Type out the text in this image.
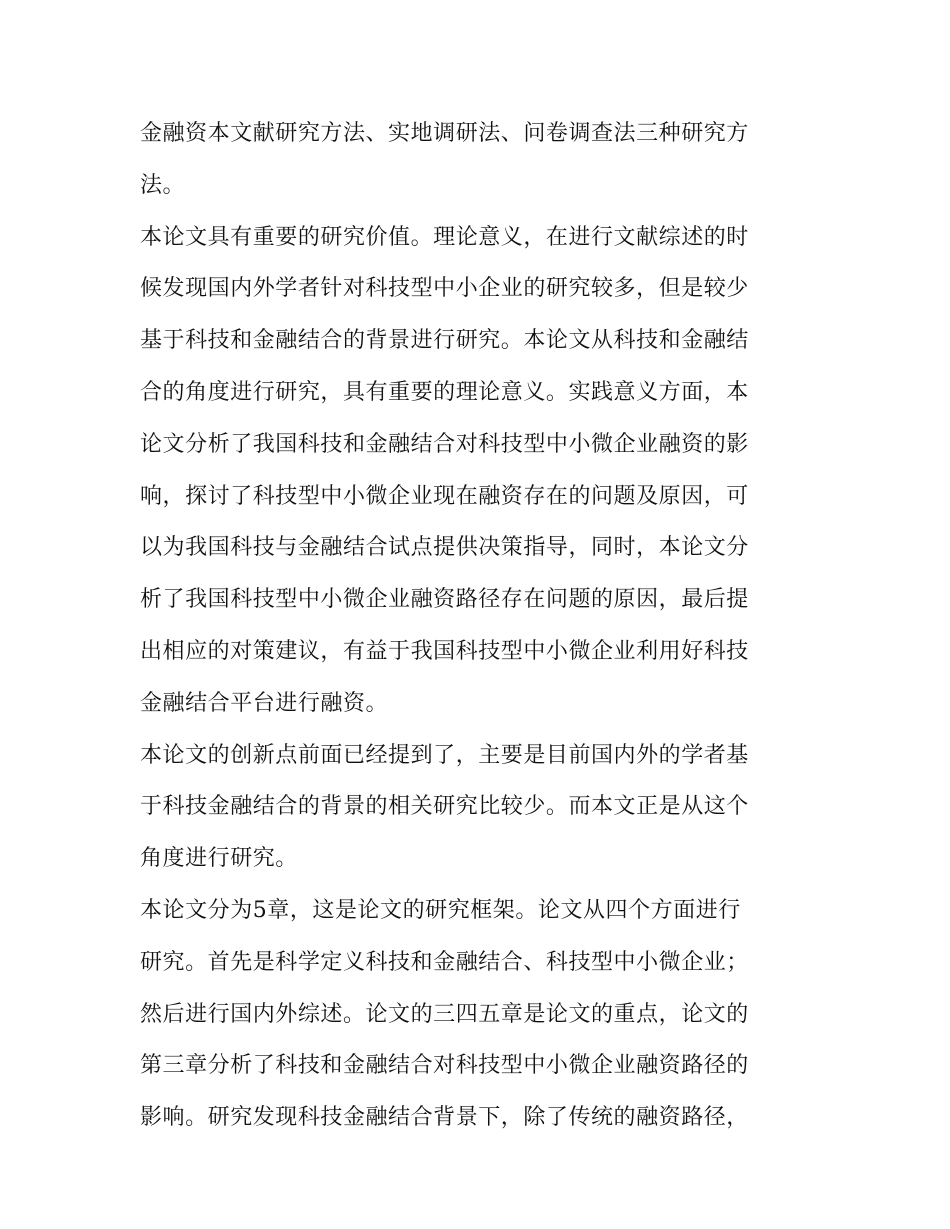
金融资本文献研究方法、实地调研法、问卷调查法三种研究方
法。
本论文具有重要的研究价值。理论意义，在进行文献综述的时
候发现国内外学者针对科技型中小企业的研究较多，但是较少
基于科技和金融结合的背景进行研究。本论文从科技和金融结
合的角度进行研究，具有重要的理论意义。实践意义方面，本
论文分析了我国科技和金融结合对科技型中小微企业融资的影
响，探讨了科技型中小微企业现在融资存在的问题及原因，可
以为我国科技与金融结合试点提供决策指导，同时，本论文分
析了我国科技型中小微企业融资路径存在问题的原因，最后提
出相应的对策建议，有益于我国科技型中小微企业利用好科技
金融结合平台进行融资。
本论文的创新点前面已经提到了，主要是目前国内外的学者基
于科技金融结合的背景的相关研究比较少。而本文正是从这个
角度进行研究。
本论文分为5章，这是论文的研究框架。论文从四个方面进行
研究。首先是科学定义科技和金融结合、科技型中小微企业；
然后进行国内外综述。论文的三四五章是论文的重点，论文的
第三章分析了科技和金融结合对科技型中小微企业融资路径的
影响。研究发现科技金融结合背景下，除了传统的融资路径，
